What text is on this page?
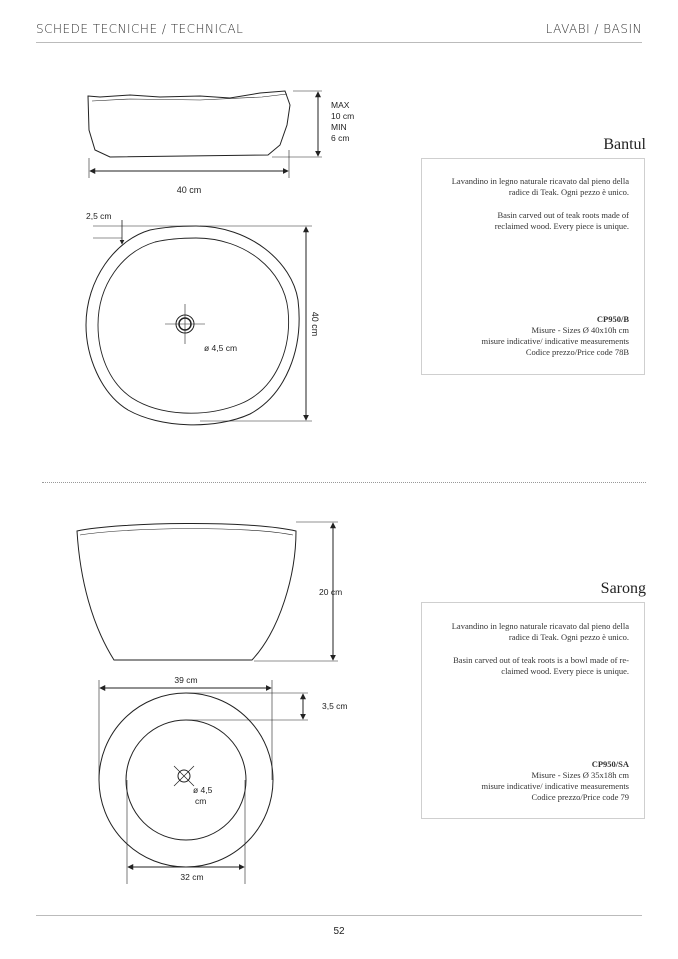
SCHEDE TECNICHE / TECHNICAL	LAVABI / BASIN
MAX
10 cm
MIN
6 cm
40 cm
2,5 cm
40 cm
ø 4,5 cm
20 cm
39 cm
3,5 cm
ø 4,5
cm
32 cm
Bantul

Lavandino in legno naturale ricavato dal pieno della

radice di Teak. Ogni pezzo è unico.

Basin carved out of teak roots made of

reclaimed wood. Every piece is unique.

CP950/B

Misure - Sizes Ø 40x10h cm

misure indicative/ indicative measurements

Codice prezzo/Price code 78B

Sarong

Lavandino in legno naturale ricavato dal pieno della

radice di Teak. Ogni pezzo è unico.

Basin carved out of teak roots is a bowl made of re-

claimed wood. Every piece is unique.

CP950/SA

Misure - Sizes Ø 35x18h cm

misure indicative/ indicative measurements

Codice prezzo/Price code 79

52
